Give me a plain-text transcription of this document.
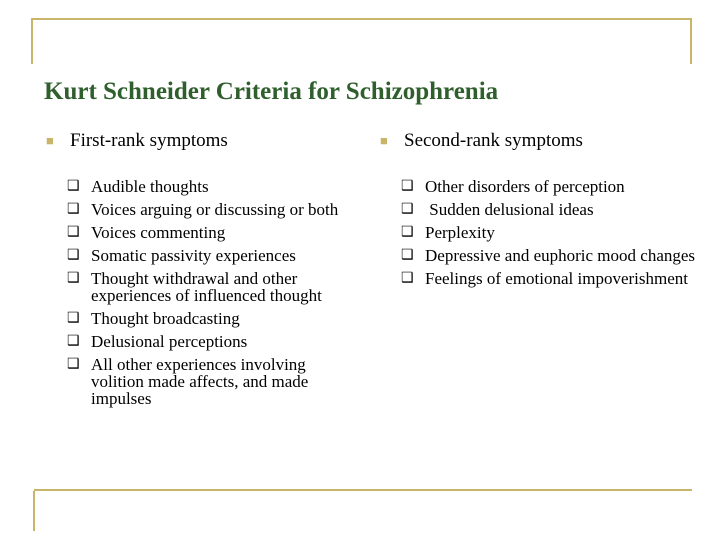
Kurt Schneider Criteria for Schizophrenia
■ First-rank symptoms
❑ Audible thoughts
❑ Voices arguing or discussing or both
❑ Voices commenting
❑ Somatic passivity experiences
❑ Thought withdrawal and other experiences of influenced thought
❑ Thought broadcasting
❑ Delusional perceptions
❑ All other experiences involving volition made affects, and made impulses
■ Second-rank symptoms
❑ Other disorders of perception
❑ Sudden delusional ideas
❑ Perplexity
❑ Depressive and euphoric mood changes
❑ Feelings of emotional impoverishment
